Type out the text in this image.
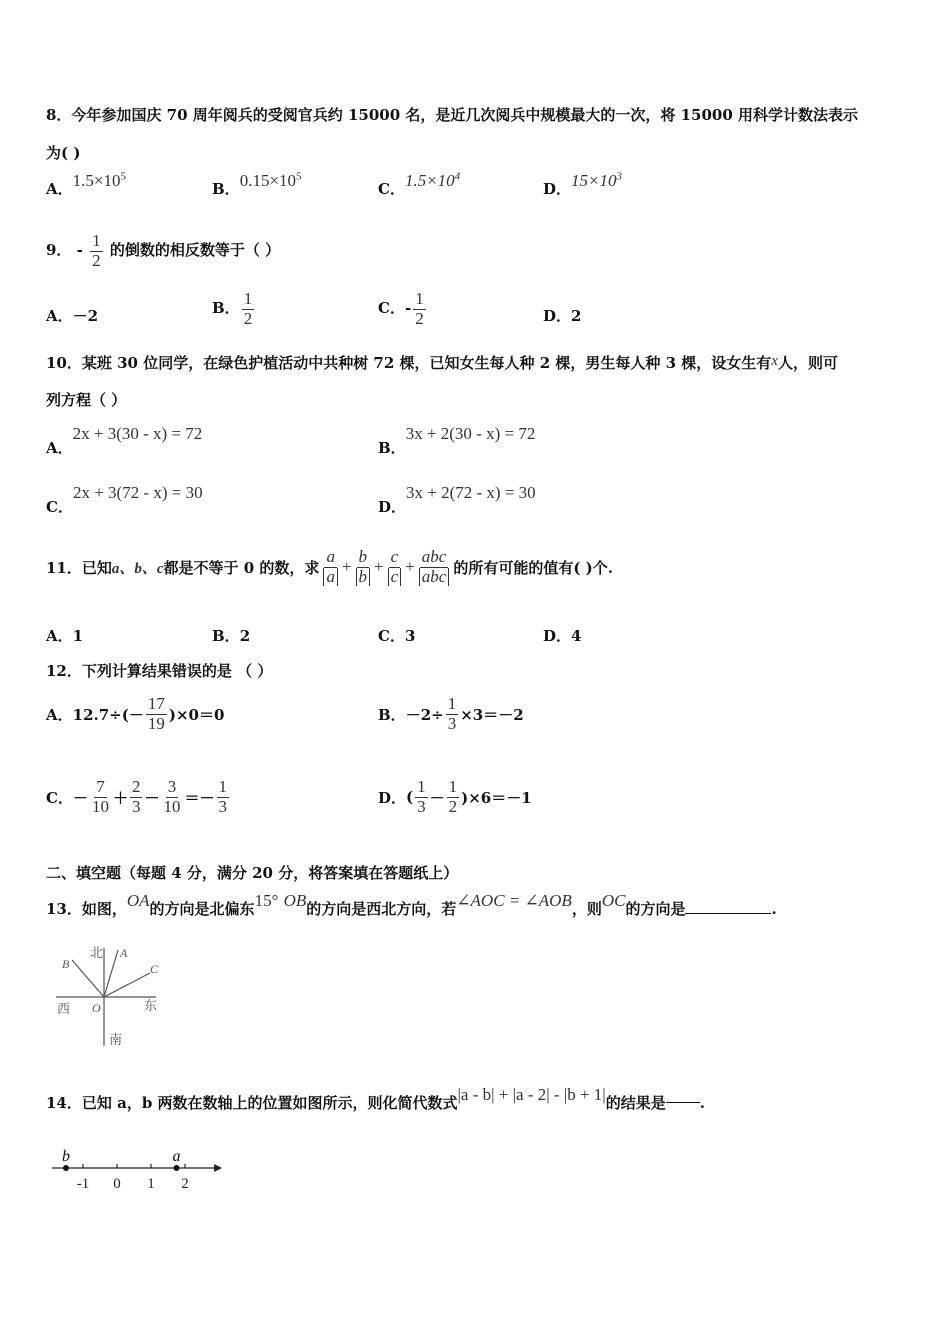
8．今年参加国庆 70 周年阅兵的受阅官兵约 15000 名，是近几次阅兵中规模最大的一次，将 15000 用科学计数法表示
为( )
A．$1.5\times 10^5$
B．$0.15\times 10^5$
C．$1.5\times 10^4$
D．$15\times 10^3$
9． - $\frac{1}{2}$ 的倒数的相反数等于（ ）
A．－2	B． $\frac{1}{2}$	C．- $\frac{1}{2}$	D．2
10．某班 30 位同学，在绿色护植活动中共种树 72 棵，已知女生每人种 2 棵，男生每人种 3 棵，设女生有x人，则可
列方程（ ）
A．2x + 3(30 - x) = 72
B．3x + 2(30 - x) = 72
C．2x + 3(72 - x) = 30
D．3x + 2(72 - x) = 30
11．已知 a、b、c 都是不等于 0 的数，求 $\frac{a}{a} + \frac{b}{b} + \frac{c}{c} + \frac{\text{abc}}{\text{abc}}$ 的所有可能的值有( )个.
A．1	B．2	C．3	D．4
12．下列计算结果错误的是 （ ）
A． $12.7\div(- \frac{17}{19} )\times 0=0$	B． $-2\div \frac{1}{3} \times 3=-2$
C． － $\frac{7}{10} + \frac{2}{3} - \frac{3}{10} =- \frac{1}{3}$	D． ( $\frac{1}{3} - \frac{1}{2} )\times 6=-1$
二、填空题（每题 4 分，满分 20 分，将答案填在答题纸上）
13．如图，OA的方向是北偏东15° OB的方向是西北方向，若∠AOC = ∠AOB，则OC的方向是	.
北 A
B	C
西 O	东
南
14．已知 a，b 两数在数轴上的位置如图所示，则化简代数式 |a - b| + |a - 2| - |b + 1| 的结果是 .
-1 0 1 2
b	a
